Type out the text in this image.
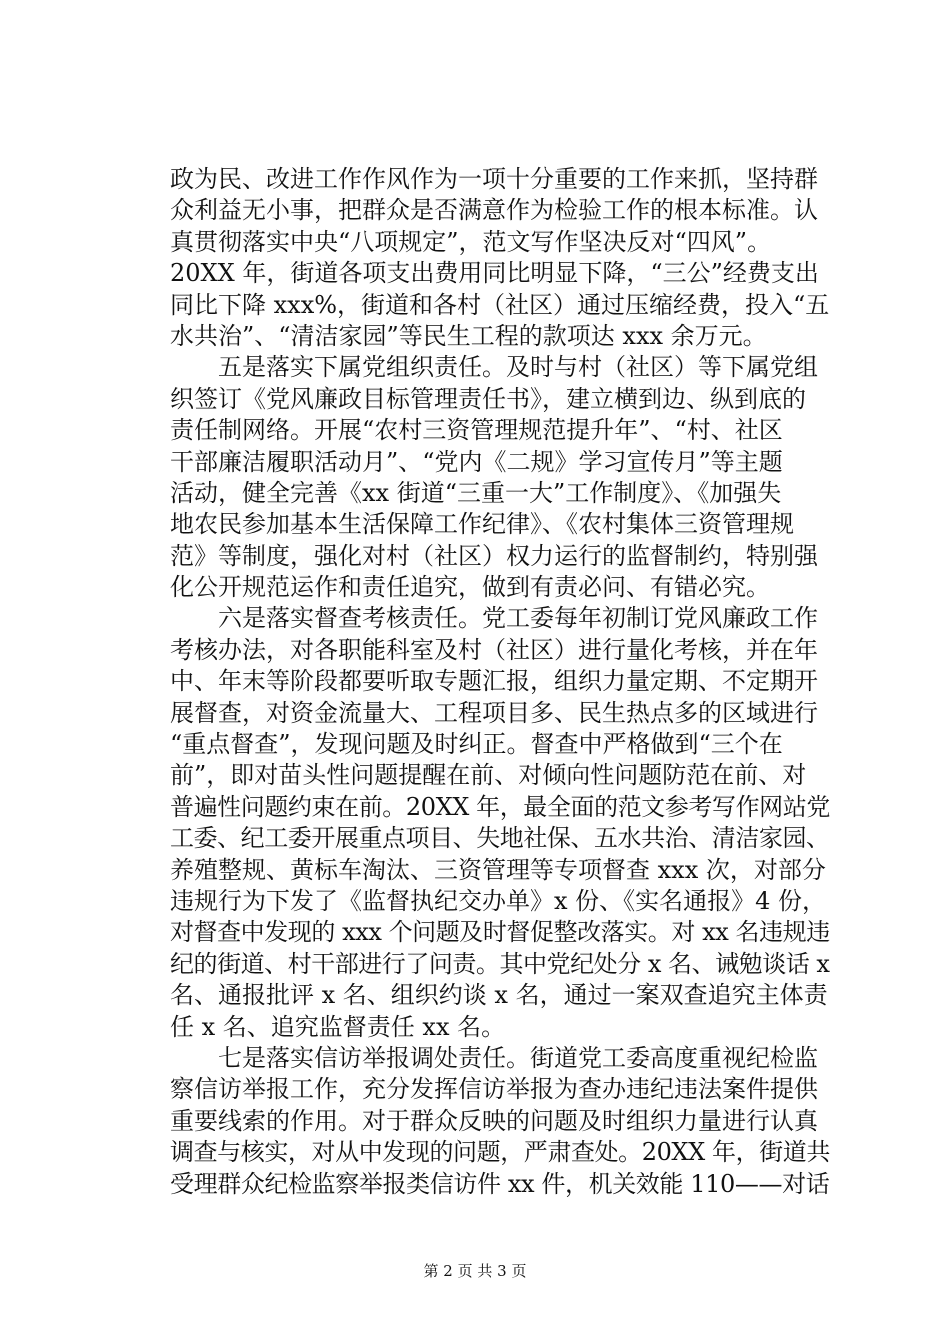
政为民、改进工作作风作为一项十分重要的工作来抓，坚持群
众利益无小事，把群众是否满意作为检验工作的根本标准。认
真贯彻落实中央“八项规定”，范文写作坚决反对“四风”。
20XX 年，街道各项支出费用同比明显下降，“三公”经费支出
同比下降 xxx%，街道和各村（社区）通过压缩经费，投入“五
水共治”、“清洁家园”等民生工程的款项达 xxx 余万元。
　　五是落实下属党组织责任。及时与村（社区）等下属党组
织签订《党风廉政目标管理责任书》，建立横到边、纵到底的
责任制网络。开展“农村三资管理规范提升年”、“村、社区
干部廉洁履职活动月”、“党内《二规》学习宣传月”等主题
活动，健全完善《xx 街道“三重一大”工作制度》、《加强失
地农民参加基本生活保障工作纪律》、《农村集体三资管理规
范》等制度，强化对村（社区）权力运行的监督制约，特别强
化公开规范运作和责任追究，做到有责必问、有错必究。
　　六是落实督查考核责任。党工委每年初制订党风廉政工作
考核办法，对各职能科室及村（社区）进行量化考核，并在年
中、年末等阶段都要听取专题汇报，组织力量定期、不定期开
展督查，对资金流量大、工程项目多、民生热点多的区域进行
“重点督查”，发现问题及时纠正。督查中严格做到“三个在
前”，即对苗头性问题提醒在前、对倾向性问题防范在前、对
普遍性问题约束在前。20XX 年，最全面的范文参考写作网站党
工委、纪工委开展重点项目、失地社保、五水共治、清洁家园、
养殖整规、黄标车淘汰、三资管理等专项督查 xxx 次，对部分
违规行为下发了《监督执纪交办单》x 份、《实名通报》4 份，
对督查中发现的 xxx 个问题及时督促整改落实。对 xx 名违规违
纪的街道、村干部进行了问责。其中党纪处分 x 名、诫勉谈话 x
名、通报批评 x 名、组织约谈 x 名，通过一案双查追究主体责
任 x 名、追究监督责任 xx 名。
　　七是落实信访举报调处责任。街道党工委高度重视纪检监
察信访举报工作，充分发挥信访举报为查办违纪违法案件提供
重要线索的作用。对于群众反映的问题及时组织力量进行认真
调查与核实，对从中发现的问题，严肃查处。20XX 年，街道共
受理群众纪检监察举报类信访件 xx 件，机关效能 110——对话
第 2 页 共 3 页
